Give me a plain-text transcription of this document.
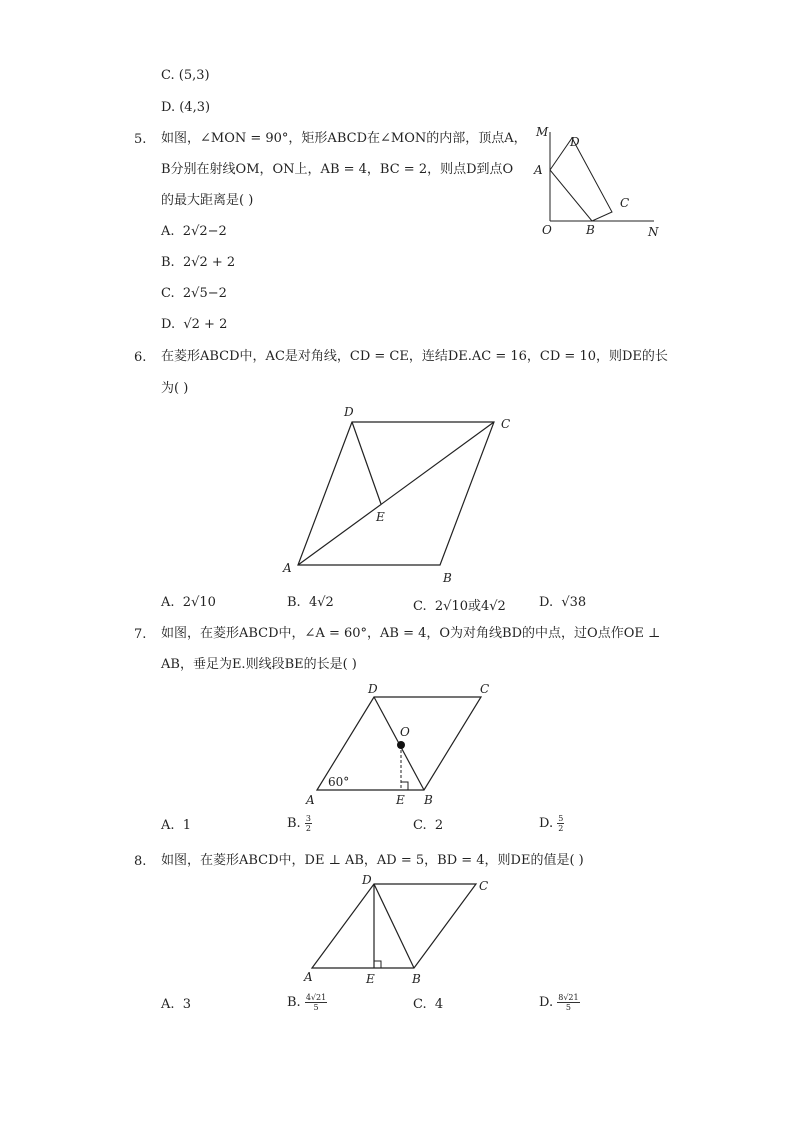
C. (5,3)
D. (4,3)
5. 如图，∠MON = 90°，矩形ABCD在∠MON的内部，顶点A，
B分别在射线OM，ON上，AB = 4，BC = 2，则点D到点O
的最大距离是( )
M
D
A
C
O	B	N
A. 2√2−2
B. 2√2 + 2
C. 2√5−2
D. √2 + 2
6. 在菱形ABCD中，AC是对角线，CD = CE，连结DE.AC = 16，CD = 10，则DE的长
为( )
D
C
E
A
B
A. 2√10	B. 4√2	C. 2√10或4√2	D. √38
7. 如图，在菱形ABCD中，∠A = 60°，AB = 4，O为对角线BD的中点，过O点作OE ⊥
AB，垂足为E.则线段BE的长是( )
D	C
O
60°
A	E B
A. 1	B. $\frac{3}{2}$	C. 2	D. $\frac{5}{2}$
8. 如图，在菱形ABCD中，DE ⊥ AB，AD = 5，BD = 4，则DE的值是( )
D	C
A	E	B
A. 3	B. $\frac{4√21}{5}$	C. 4	D. $\frac{8√21}{5}$
